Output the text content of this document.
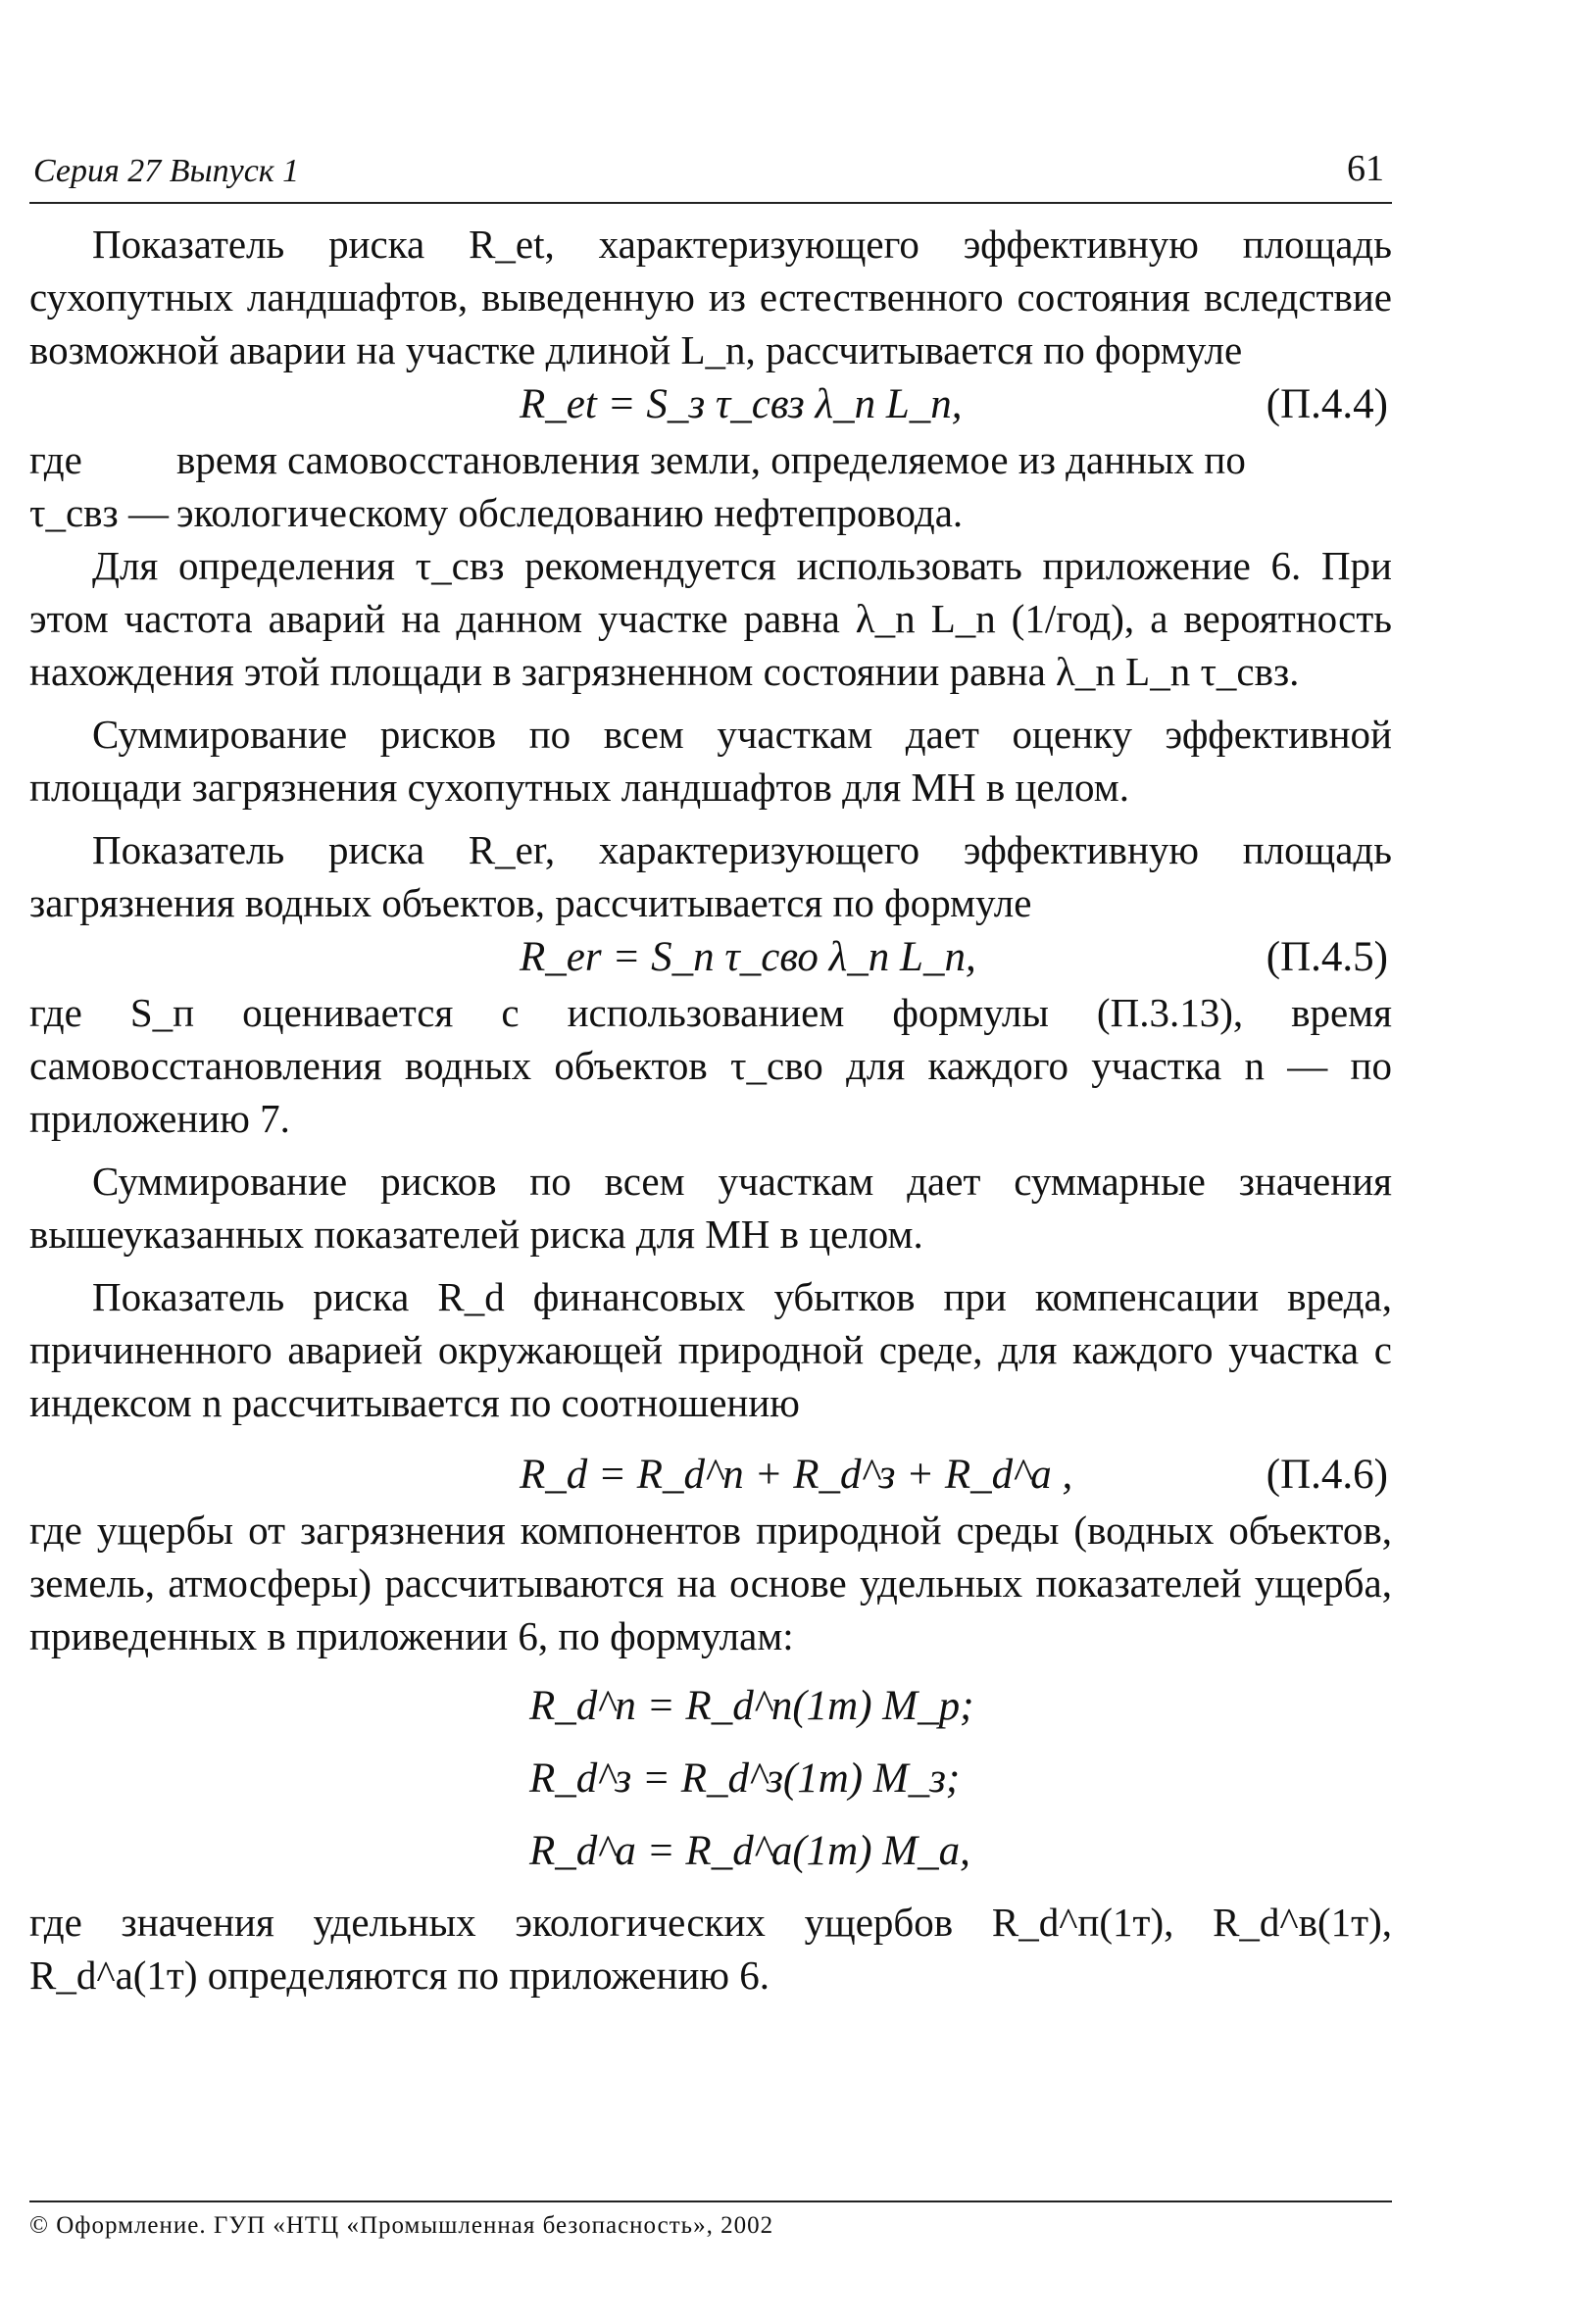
Серия 27 Выпуск 1	61

Показатель риска R_et, характеризующего эффективную площадь сухопутных ландшафтов, выведенную из естественного состояния вследствие возможной аварии на участке длиной L_n, рассчитывается по формуле

R_et = S_з τ_свз λ_n L_n,	(П.4.4)
где τ_свз —
время самовосстановления земли, определяемое из данных по экологическому обследованию нефтепровода.

Для определения τ_свз рекомендуется использовать приложение 6. При этом частота аварий на данном участке равна λ_n L_n (1/год), а вероятность нахождения этой площади в загрязненном состоянии равна λ_n L_n τ_свз.

Суммирование рисков по всем участкам дает оценку эффективной площади загрязнения сухопутных ландшафтов для МН в целом.

Показатель риска R_er, характеризующего эффективную площадь загрязнения водных объектов, рассчитывается по формуле

R_er = S_п τ_сво λ_n L_n,	(П.4.5)

где S_п оценивается с использованием формулы (П.3.13), время самовосстановления водных объектов τ_сво для каждого участка n — по приложению 7.

Суммирование рисков по всем участкам дает суммарные значения вышеуказанных показателей риска для МН в целом.

Показатель риска R_d финансовых убытков при компенсации вреда, причиненного аварией окружающей природной среде, для каждого участка с индексом n рассчитывается по соотношению

R_d = R_d^п + R_d^з + R_d^а ,	(П.4.6)

где ущербы от загрязнения компонентов природной среды (водных объектов, земель, атмосферы) рассчитываются на основе удельных показателей ущерба, приведенных в приложении 6, по формулам:

R_d^п = R_d^п(1т) M_р;
R_d^з = R_d^з(1т) M_з;
R_d^а = R_d^а(1т) M_а,

где значения удельных экологических ущербов R_d^п(1т), R_d^в(1т), R_d^а(1т) определяются по приложению 6.

© Оформление. ГУП «НТЦ «Промышленная безопасность», 2002
